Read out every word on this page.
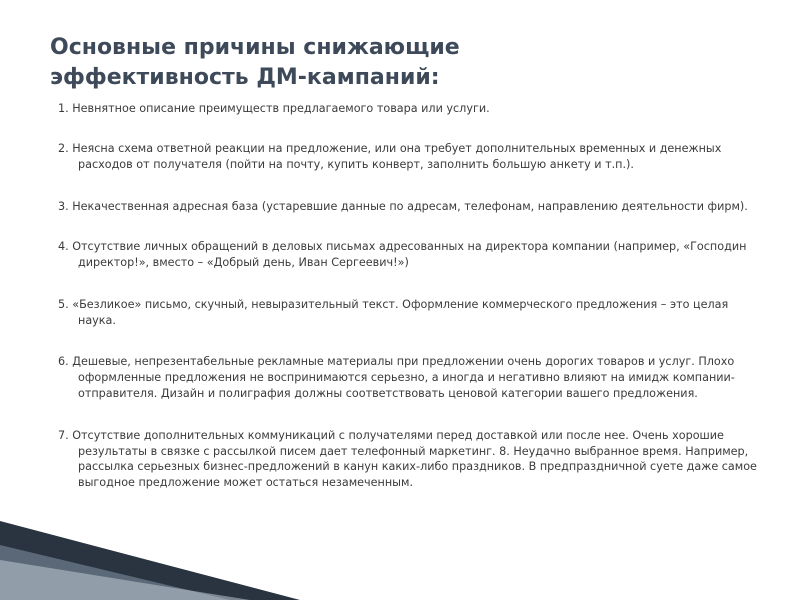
Основные причины снижающие
эффективность ДМ-кампаний:
1. Невнятное описание преимуществ предлагаемого товара или услуги.
2. Неясна схема ответной реакции на предложение, или она требует дополнительных временных и денежных расходов от получателя (пойти на почту, купить конверт, заполнить большую анкету и т.п.).
3. Некачественная адресная база (устаревшие данные по адресам, телефонам, направлению деятельности фирм).
4. Отсутствие личных обращений в деловых письмах адресованных на директора компании (например, «Господин директор!», вместо – «Добрый день, Иван Сергеевич!»)
5. «Безликое» письмо, скучный, невыразительный текст. Оформление коммерческого предложения – это целая наука.
6. Дешевые, непрезентабельные рекламные материалы при предложении очень дорогих товаров и услуг. Плохо оформленные предложения не воспринимаются серьезно, а иногда и негативно влияют на имидж компании-отправителя. Дизайн и полиграфия должны соответствовать ценовой категории вашего предложения.
7. Отсутствие дополнительных коммуникаций с получателями перед доставкой или после нее. Очень хорошие результаты в связке с рассылкой писем дает телефонный маркетинг. 8. Неудачно выбранное время. Например, рассылка серьезных бизнес-предложений в канун каких-либо праздников. В предпраздничной суете даже самое выгодное предложение может остаться незамеченным.
